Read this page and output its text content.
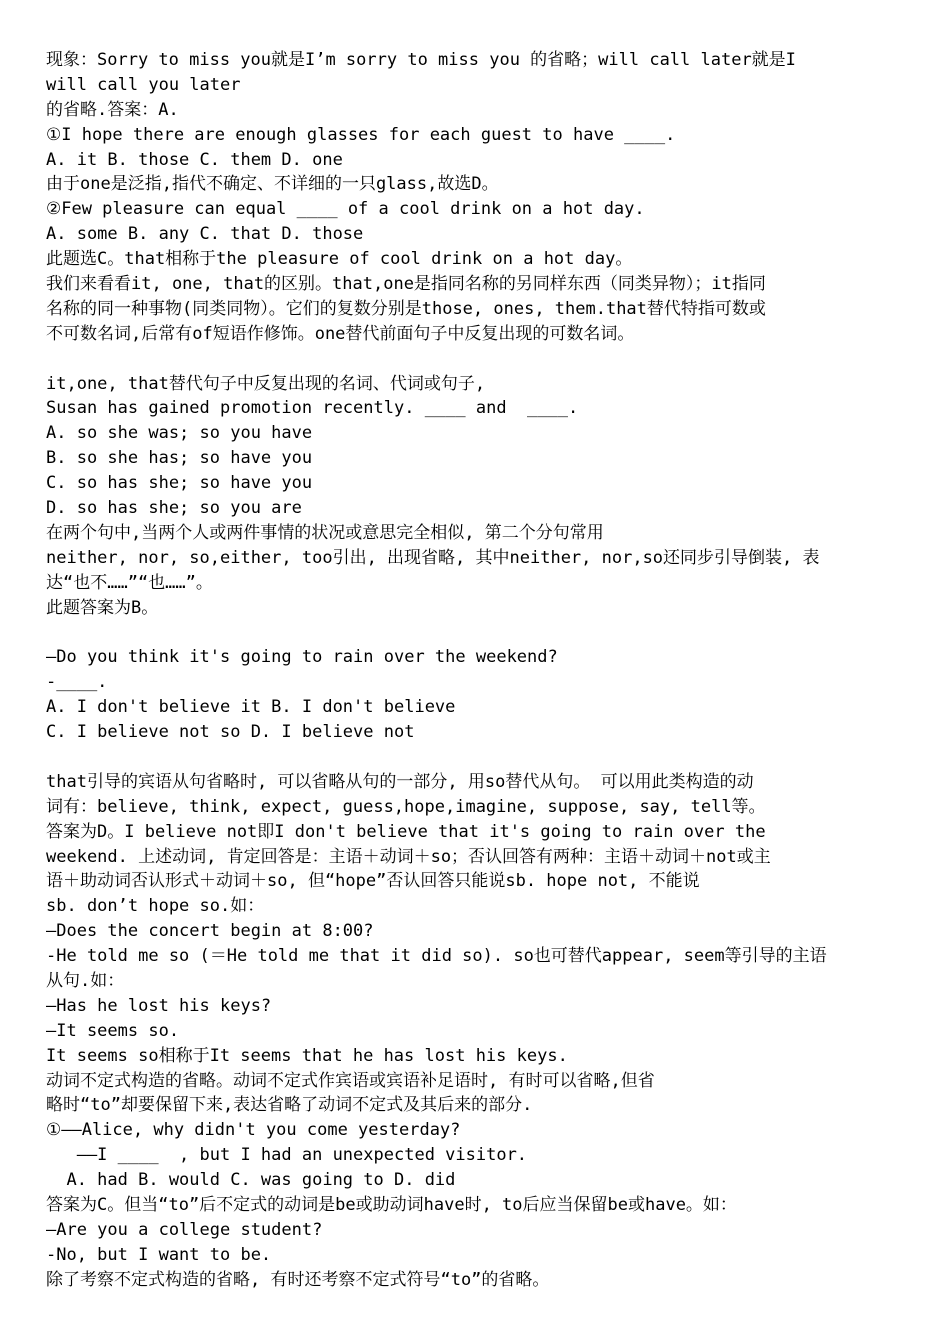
现象：Sorry to miss you就是I’m sorry to miss you 的省略；will call later就是I
will call you later
的省略.答案：A.
①I hope there are enough glasses for each guest to have ____.
A. it B. those C. them D. one
由于one是泛指,指代不确定、不详细的一只glass,故选D。
②Few pleasure can equal ____ of a cool drink on a hot day.
A. some B. any C. that D. those
此题选C。that相称于the pleasure of cool drink on a hot day。
我们来看看it, one, that的区别。that,one是指同名称的另同样东西（同类异物）；it指同
名称的同一种事物(同类同物）。它们的复数分别是those, ones, them.that替代特指可数或
不可数名词,后常有of短语作修饰。one替代前面句子中反复出现的可数名词。
it,one, that替代句子中反复出现的名词、代词或句子,
Susan has gained promotion recently. ____ and  ____.
A. so she was; so you have
B. so she has; so have you
C. so has she; so have you
D. so has she; so you are
在两个句中,当两个人或两件事情的状况或意思完全相似, 第二个分句常用
neither, nor, so,either, too引出, 出现省略, 其中neither, nor,so还同步引导倒装, 表
达“也不……”“也……”。
此题答案为B。
—Do you think it's going to rain over the weekend?
-____.
A. I don't believe it B. I don't believe
C. I believe not so D. I believe not
that引导的宾语从句省略时, 可以省略从句的一部分, 用so替代从句。 可以用此类构造的动
词有：believe, think, expect, guess,hope,imagine, suppose, say, tell等。
答案为D。I believe not即I don't believe that it's going to rain over the
weekend. 上述动词, 肯定回答是：主语＋动词＋so；否认回答有两种：主语＋动词＋not或主
语＋助动词否认形式＋动词＋so, 但“hope”否认回答只能说sb. hope not, 不能说
sb. don’t hope so.如：
—Does the concert begin at 8:00?
-He told me so (＝He told me that it did so). so也可替代appear, seem等引导的主语
从句.如：
—Has he lost his keys?
—It seems so.
It seems so相称于It seems that he has lost his keys.
动词不定式构造的省略。动词不定式作宾语或宾语补足语时, 有时可以省略,但省
略时“to”却要保留下来,表达省略了动词不定式及其后来的部分.
①——Alice, why didn't you come yesterday?
——I ____  , but I had an unexpected visitor.
A. had B. would C. was going to D. did
答案为C。但当“to”后不定式的动词是be或助动词have时, to后应当保留be或have。如：
—Are you a college student?
-No, but I want to be.
除了考察不定式构造的省略, 有时还考察不定式符号“to”的省略。
